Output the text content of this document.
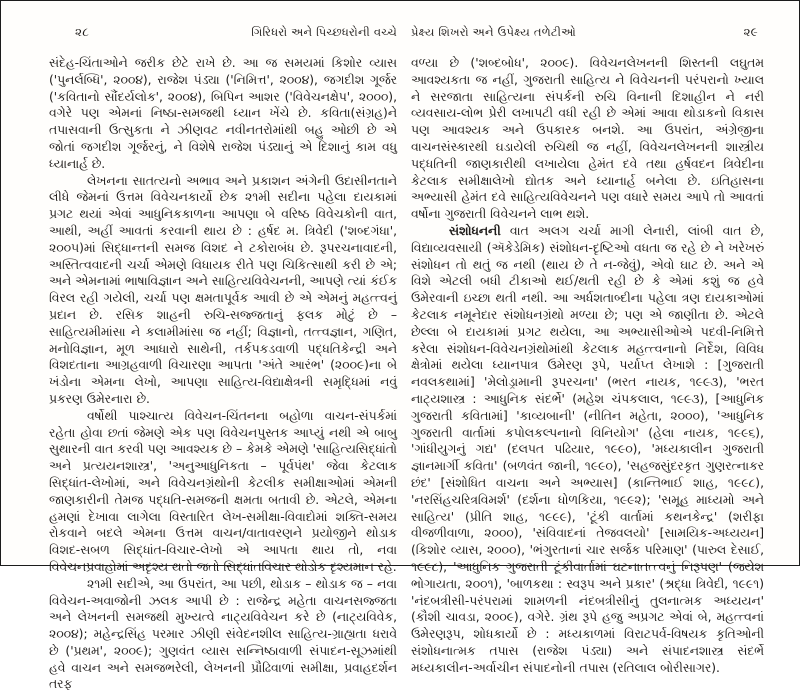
૨૮	ગિરિધરો અને પિચ્છધરોની વચ્ચે

સંદેહ-ચિંતાઓને જરીક છેટે રાખે છે. આ જ સમયમાં કિશોર વ્યાસ ('પુનર્લબ્ધિ', ૨૦૦૪), રાજેશ પંડ્યા ('નિમિત્ત', ૨૦૦૪), જગદીશ ગૂર્જર ('કવિતાનો સૌંદર્યલોક', ૨૦૦૪), બિપિન આશર ('વિવેચનક્ષેપ', ૨૦૦૦), વગેરે પણ એમનાં નિષ્ઠા-સમજથી ધ્યાન ખેંચે છે. કવિતા(સંગ્રહ)ને તપાસવાની ઉત્સુકતા ને ઝીણવટ નવીનતરોમાંથી બહુ ઓછી છે એ જોતાં જગદીશ ગૂર્જરનું, ને વિશેષે રાજેશ પંડ્યાનું એ દિશાનું કામ વધુ ધ્યાનાર્હ છે.

લેખનના સાતત્યનો અભાવ અને પ્રકાશન અંગેની ઉદાસીનતાને લીધે જેમનાં ઉત્તમ વિવેચનકાર્યો છેક ૨૧મી સદીના પહેલા દાયકામાં પ્રગટ થયાં એવાં આધુનિકકાળના આપણા બે વરિષ્ઠ વિવેચકોની વાત, આથી, અહીં આવતાં કરવાની થાય છે : હર્ષદ મ. ત્રિવેદી ('શબ્દગંધા', ૨૦૦૫)માં સિદ્ધાન્તની સમજ વિશદ ને ટકોરાબંધ છે. રૂપરચનાવાદની, અસ્તિત્વવાદની ચર્ચા એમણે વિધાયક રીતે પણ ચિકિત્સાથી કરી છે એ; અને એમનામાં ભાષાવિજ્ઞાન અને સાહિત્યવિવેચનની, આપણે ત્યાં કંઈક વિરલ રહી ગયેલી, ચર્ચા પણ ક્ષમતાપૂર્વક આવી છે એ એમનું મહત્ત્વનું પ્રદાન છે. રસિક શાહની રુચિ-સજ્જતાનું ફલક મોટું છે – સાહિત્યમીમાંસા ને કલામીમાંસા જ નહીં; વિજ્ઞાનો, તત્ત્વજ્ઞાન, ગણિત, મનોવિજ્ઞાન, મૂળ આધારો સાથેની, તર્કપકડવાળી પદ્ધતિકેન્દ્રી અને વિશદતાના આગ્રહવાળી વિચારણા આપતા 'અંતે આરંભ' (૨૦૦૯)ના બે ખંડોના એમના લેખો, આપણા સાહિત્ય-વિદ્યાક્ષેત્રની સમૃદ્ધિમાં નવું પ્રકરણ ઉમેરનારા છે.

વર્ષોથી પાશ્ચાત્ય વિવેચન-ચિંતનના બહોળા વાચન-સંપર્કમાં રહેતા હોવા છતાં જેમણે એક પણ વિવેચનપુસ્તક આપ્યું નથી એ બાબુ સુથારની વાત કરવી પણ આવશ્યક છે – કેમકે એમણે 'સાહિત્યસિદ્ધાંતો અને પ્રત્યયનશાસ્ત્ર', 'અનુઆધુનિકતા – પૂર્વપંથ' જેવા કેટલાક સિદ્ધાંત-લેખોમાં, અને વિવેચનગ્રંથોની કેટલીક સમીક્ષાઓમાં એમની જાણકારીની તેમજ પદ્ધતિ-સમજની ક્ષમતા બતાવી છે. એટલે, એમના હમણાં દેખાવા લાગેલા વિસ્તારિત લેખ-સમીક્ષા-વિવાદોમાં શક્તિ-સમય રોકવાને બદલે એમના ઉત્તમ વાચન/વાતાવરણને પ્રયોજીને થોડાક વિશદ-સબળ સિદ્ધાંત-વિચાર-લેખો એ આપતા થાય તો, નવા વિવેચનપ્રવાહોમાં અદૃશ્ય થતો જતો સિદ્ધાંતવિચાર થોડોક દૃશ્યમાન રહે.

૨૧મી સદીએ, આ ઉપરાંત, આ પછી, થોડાક – થોડાક જ – નવા વિવેચન-અવાજોની ઝલક આપી છે : રાજેન્દ્ર મહેતા વાચનસજ્જતા અને લેખનની સમજથી મુખ્યત્વે નાટ્યવિવેચન કરે છે (નાટ્યવિવેક, ૨૦૦૪); મહેન્દ્રસિંહ પરમાર ઝીણી સંવેદનશીલ સાહિત્ય-ગ્રાહ્યતા ધરાવે છે ('પ્રથમ', ૨૦૦૯); ગુણવંત વ્યાસ સન્નિષ્ઠાવાળી સંપાદન-સૂઝમાંથી હવે વાચન અને સમજભરેલી, લેખનની પ્રૌઢિવાળાં સમીક્ષા, પ્રવાહદર્શન તરફ

પ્રેક્ષ્ય શિખરો અને ઉપેક્ષ્ય તળેટીઓ	૨૯

વળ્યા છે ('શબ્દબોધ', ૨૦૦૯). વિવેચનલેખનની શિસ્તની લઘુતમ આવશ્યકતા જ નહીં, ગુજરાતી સાહિત્ય ને વિવેચનની પરંપરાનો ખ્યાલ ને સરજાતા સાહિત્યના સંપર્કની રુચિ વિનાની દિશાહીન ને નરી વ્યવસાય-લોભ પ્રેરી લખાપટી વધી રહી છે એમાં આવા થોડાકનો વિકાસ પણ આવશ્યક અને ઉપકારક બનશે. આ ઉપરાંત, અંગ્રેજીના વાચનસંસ્કારથી ઘડાયેલી રુચિથી જ નહીં, વિવેચનલેખનની શાસ્ત્રીય પદ્ધતિની જાણકારીથી લખાયેલા હેમંત દવે તથા હર્ષવદન ત્રિવેદીના કેટલાક સમીક્ષાલેખો દ્યોતક અને ધ્યાનાર્હ બનેલા છે. ઇતિહાસના અભ્યાસી હેમંત દવે સાહિત્યવિવેચનને પણ વધારે સમય આપે તો આવતાં વર્ષોના ગુજરાતી વિવેચનને લાભ થશે.

સંશોધનની વાત અલગ ચર્ચા માગી લેનારી, લાંબી વાત છે, વિદ્યાવ્યવસાયી (ઍકેડેમિક) સંશોધન-દૃષ્ટિઓ વધતા જ રહે છે ને ખરેખરું સંશોધન તો થતું જ નથી (થાય છે તે ન-જેવું), એવો ઘાટ છે. અને એ વિશે એટલી બધી ટીકાઓ થઈ/થતી રહી છે કે એમાં કશું જ હવે ઉમેરવાની ઇચ્છા થતી નથી. આ અર્ધશતાબ્દીના પહેલા ત્રણ દાયકાઓમાં કેટલાક નમૂનેદાર સંશોધનગ્રંથો મળ્યા છે; પણ એ જાણીતા છે. એટલે છેલ્લા બે દાયકામાં પ્રગટ થયેલા, આ અભ્યાસીઓએ પદવી-નિમિત્તે કરેલા સંશોધન-વિવેચનગ્રંથોમાંથી કેટલાક મહત્ત્વનાનો નિર્દેશ, વિવિધ ક્ષેત્રોમાં થયેલા ધ્યાનપાત્ર ઉમેરણ રૂપે, પર્યાપ્ત લેખાશે : [ગુજરાતી નવલકથામાં] 'મેલોડ્રામાની રૂપરચના' (ભરત નાયક, ૧૯૯૩), 'ભરત નાટ્યશાસ્ત્ર : આધુનિક સંદર્ભે' (મહેશ ચંપકલાલ, ૧૯૯૩), [આધુનિક ગુજરાતી કવિતામાં] 'કાવ્યબાની' (નીતિન મહેતા, ૨૦૦૦), 'આધુનિક ગુજરાતી વાર્તામાં કપોલકલ્પનાનો વિનિયોગ' (હેલા નાયક, ૧૯૯૬), 'ગાંધીયુગનું ગદ્ય' (દલપત પઢિયાર, ૧૯૯૦), 'મધ્યકાલીન ગુજરાતી જ્ઞાનમાર્ગી કવિતા' (બળવંત જાની, ૧૯૯૦), 'સહજસુંદરકૃત ગુણરત્નાકર છંદ' [સંશોધિત વાચના અને અભ્યાસ] (કાન્તિભાઈ શાહ, ૧૯૯૮), 'નરસિંહચરિત્રવિમર્શ' (દર્શના ધોળકિયા, ૧૯૯૨); 'સમૂહ માધ્યમો અને સાહિત્ય' (પ્રીતિ શાહ, ૧૯૯૯), 'ટૂંકી વાર્તામાં કથનકેન્દ્ર' (શરીફા વીજળીવાળા, ૨૦૦૦), 'સંવિવાદનાં તેજવલયો' [સામયિક-અધ્યયન] (કિશોર વ્યાસ, ૨૦૦૦), 'ભંગુરતાનાં ચાર સર્જક પરિમાણ' (પારુલ દેસાઈ, ૧૯૯૮), 'આધુનિક ગુજરાતી ટૂંકીવાર્તામાં ઘટનાતત્ત્વનું નિરૂપણ' (જયેશ ભોગાયતા, ૨૦૦૧), 'બાળકથા : સ્વરૂપ અને પ્રકાર' (શ્રદ્ધા ત્રિવેદી, ૧૯૯૧) 'નંદબત્રીસી-પરંપરામાં શામળની નંદબત્રીસીનું તુલનાત્મક અધ્યયન' (કૌશી ચાવડા, ૨૦૦૯), વગેરે. ગ્રંથ રૂપે હજુ અપ્રગટ એવાં બે, મહત્ત્વનાં ઉમેરણરૂપ, શોધકાર્યો છે : મધ્યકાળમાં વિરાટપર્વ-વિષયક કૃતિઓની સંશોધનાત્મક તપાસ (રાજેશ પંડ્યા) અને સંપાદનશાસ્ત્ર સંદર્ભે મધ્યકાલીન-અર્વાચીન સંપાદનોની તપાસ (રતિલાલ બોરીસાગર).
